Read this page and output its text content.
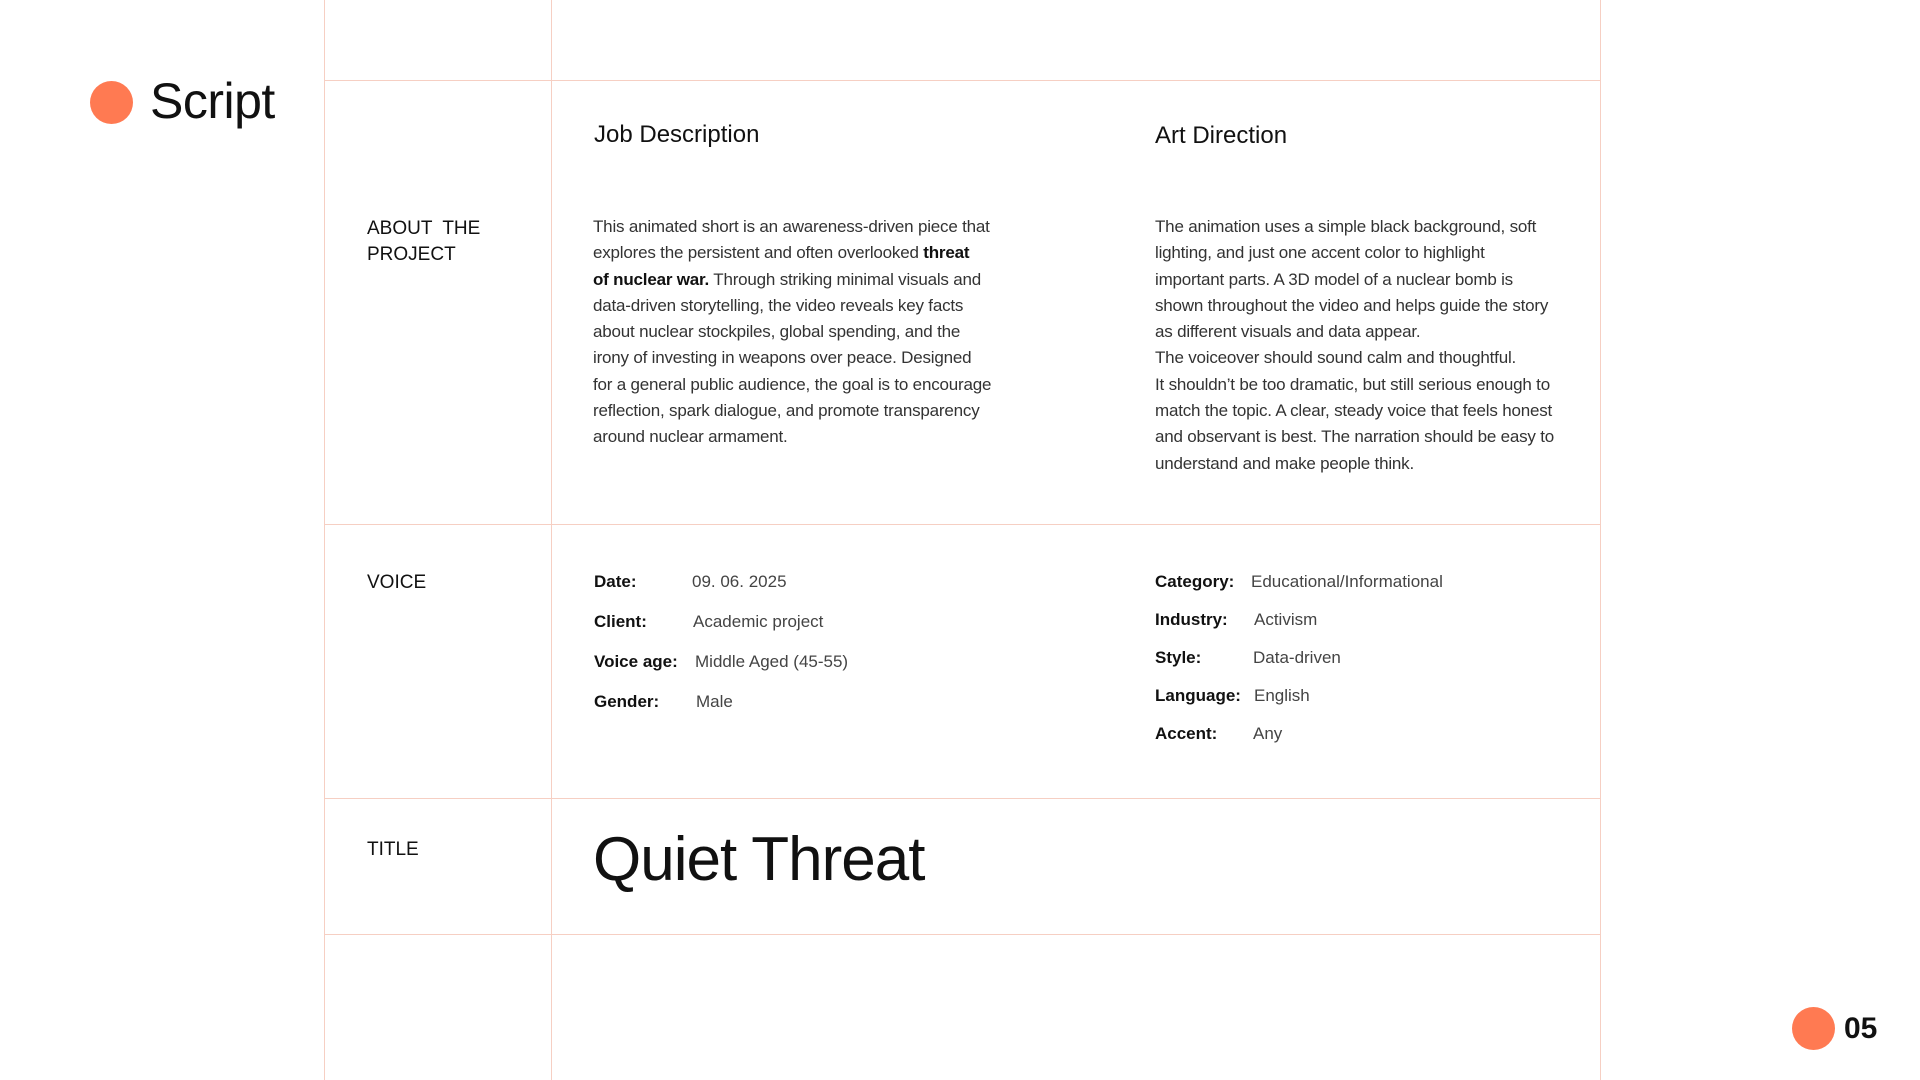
Script
ABOUT  THE
PROJECT
VOICE
TITLE
Job Description	Art Direction
This animated short is an awareness-driven piece that
explores the persistent and often overlooked threat
of nuclear war. Through striking minimal visuals and
data-driven storytelling, the video reveals key facts
about nuclear stockpiles, global spending, and the
irony of investing in weapons over peace. Designed
for a general public audience, the goal is to encourage
reflection, spark dialogue, and promote transparency
around nuclear armament.
The animation uses a simple black background, soft
lighting, and just one accent color to highlight
important parts. A 3D model of a nuclear bomb is
shown throughout the video and helps guide the story
as different visuals and data appear.
The voiceover should sound calm and thoughtful.
It shouldn’t be too dramatic, but still serious enough to
match the topic. A clear, steady voice that feels honest
and observant is best. The narration should be easy to
understand and make people think.
Date:	09. 06. 2025
Client:	Academic project
Voice age: Middle Aged (45-55)
Gender: Male
Category: Educational/Informational
Industry: Activism
Style:	Data-driven
Language: English
Accent: Any
Quiet Threat
05
